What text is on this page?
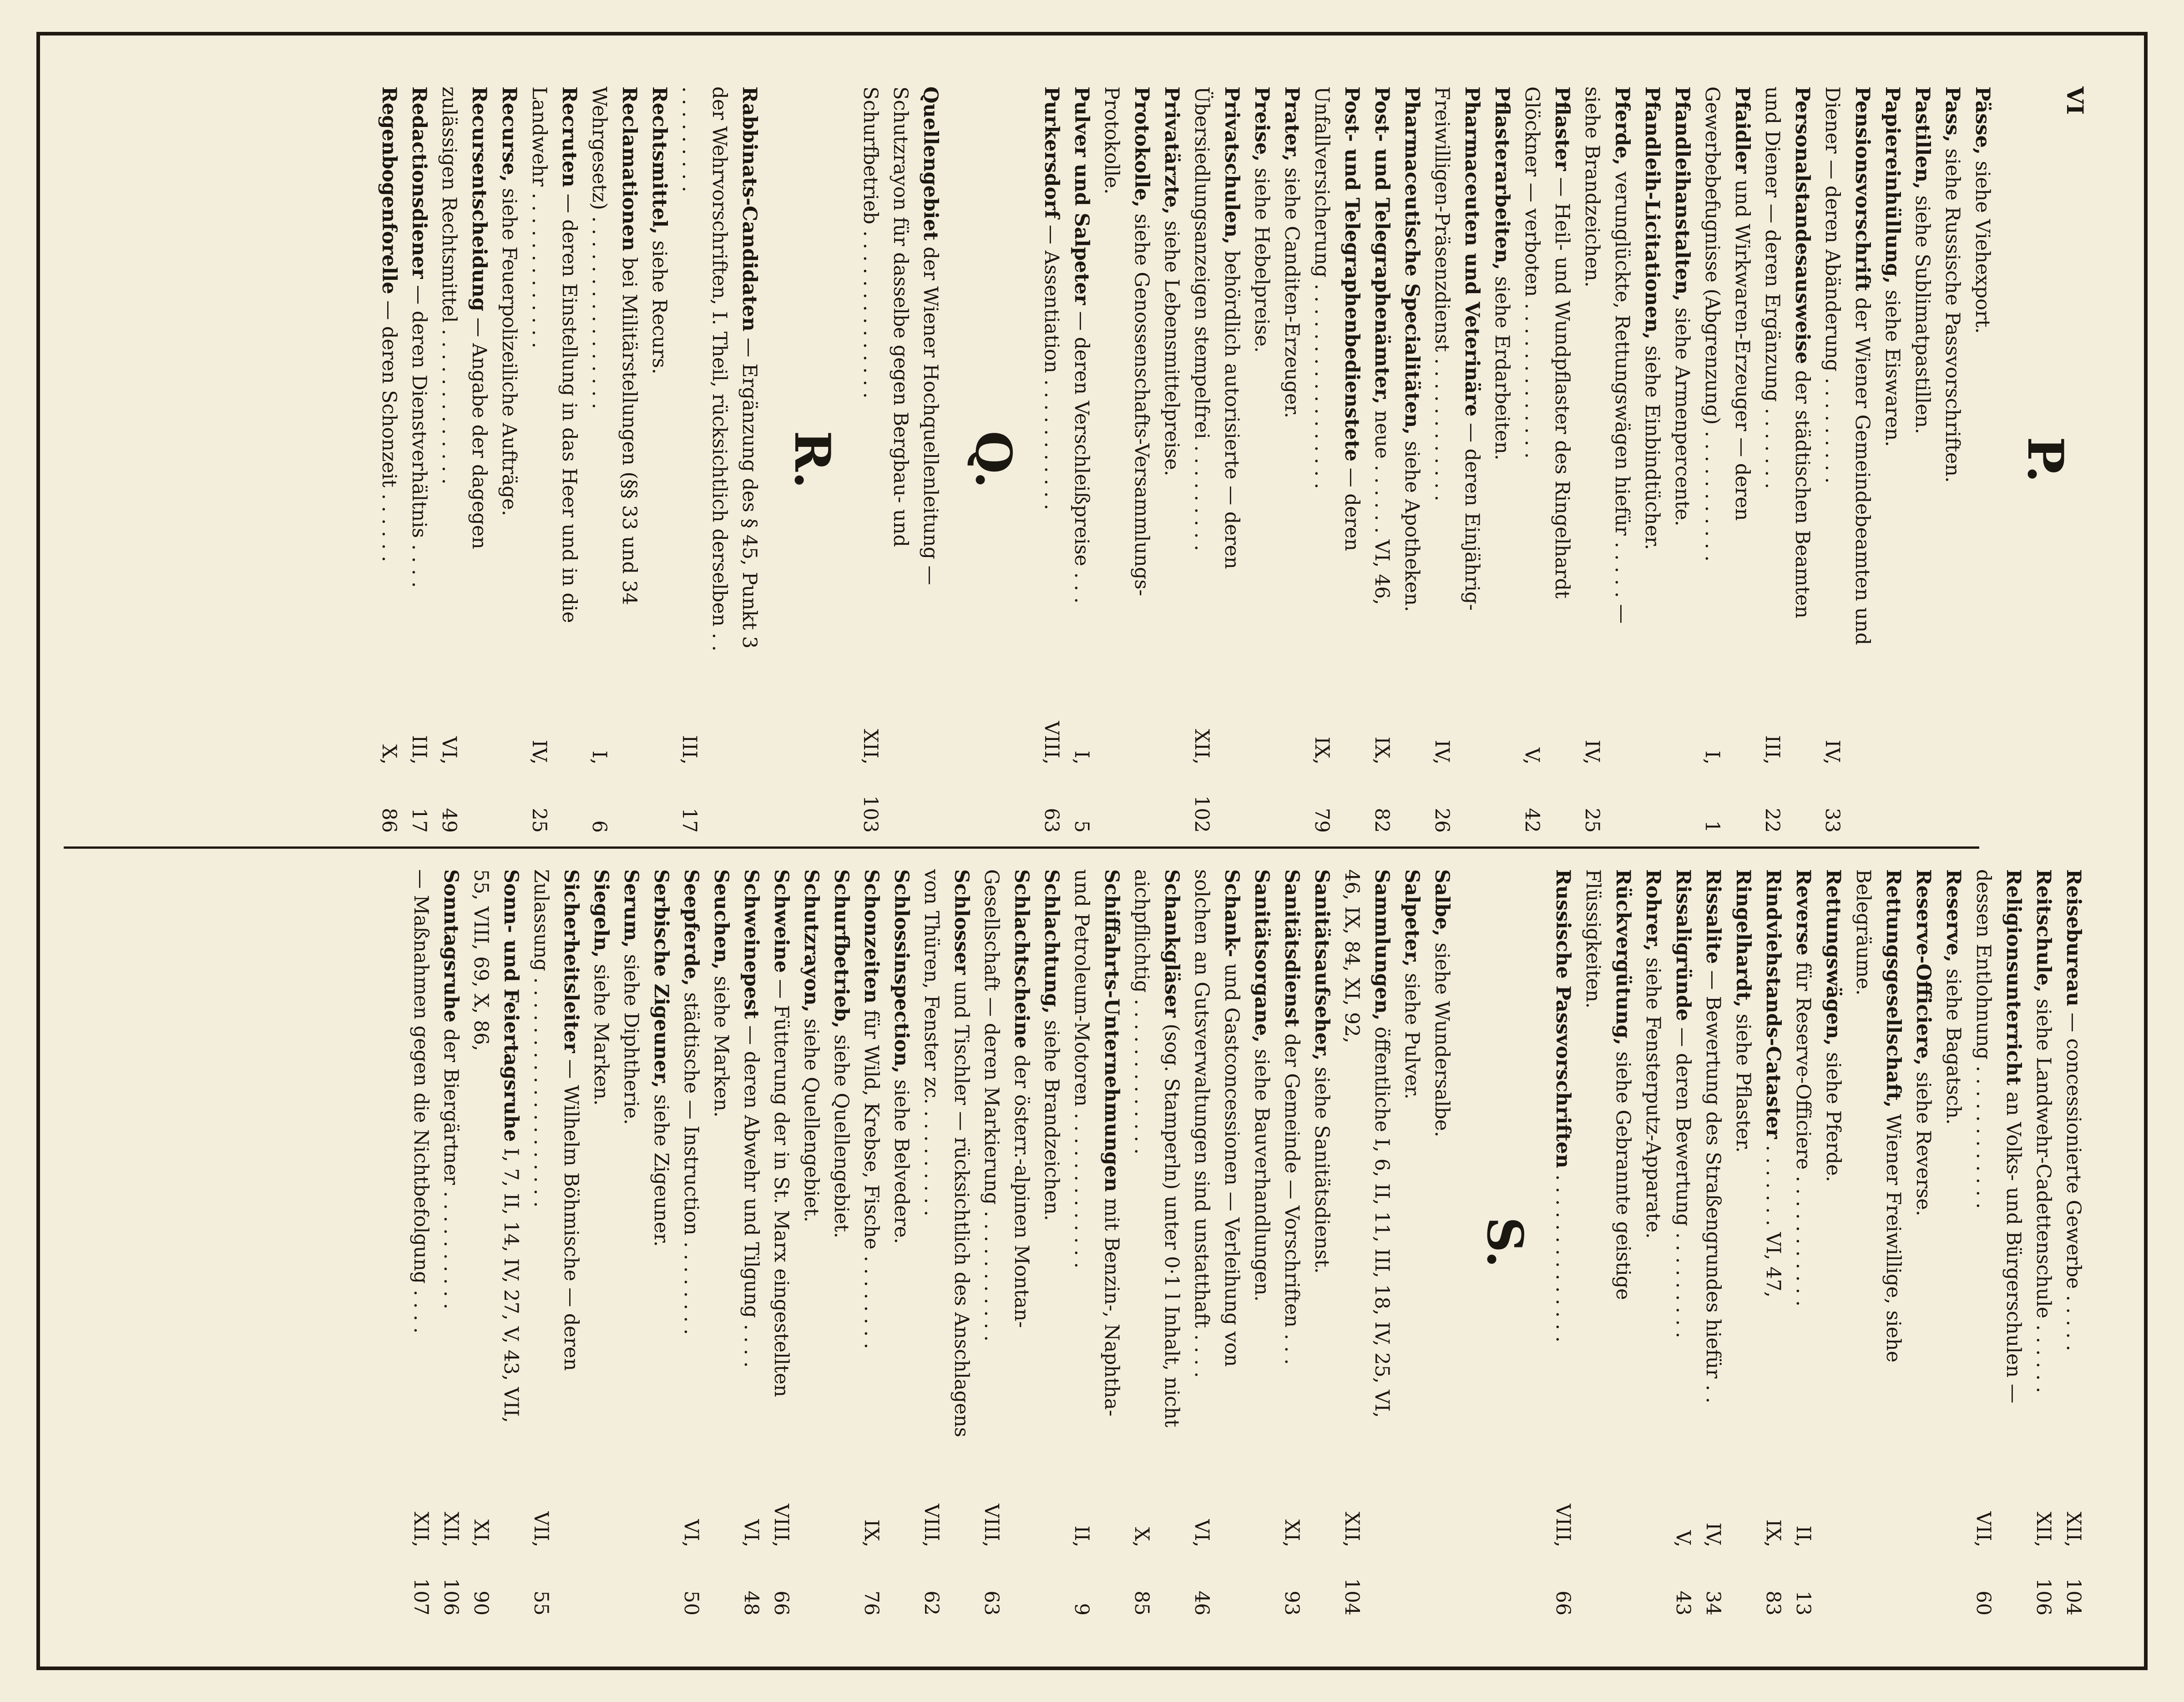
VI
P.
Pässe, siehe Viehexport.
Pass, siehe Russische Passvorschriften.
Pastillen, siehe Sublimatpastillen.
Papiereinhüllung, siehe Eiswaren.
Pensionsvorschrift der Wiener Gemeindebeamten und Diener — deren Abänderung . . . . . . . . .
IV,
33
Personalstandesausweise der städtischen Beamten und Diener — deren Ergänzung . . . . . . .
III,
22
Pfaidler und Wirkwaren-Erzeuger — deren Gewerbebefugnisse (Abgrenzung) . . . . . . . . . . .
I,
1
Pfandleihanstalten, siehe Armenpercente.
Pfandleih-Licitationen, siehe Einbindtücher.
Pferde, verunglückte, Rettungswägen hiefür . . . . . — siehe Brandzeichen.
IV,
25
Pflaster — Heil- und Wundpflaster des Ringelhardt Glöckner — verboten . . . . . . . . . . . . .
V,
42
Pflasterarbeiten, siehe Erdarbeiten.
Pharmaceuten und Veterinäre — deren Einjährig-Freiwilligen-Präsenzdienst . . . . . . . . . . . .
IV,
26
Pharmaceutische Specialitäten, siehe Apotheken.
Post- und Telegraphenämter, neue . . . . . . VI, 46,
IX,
82
Post- und Telegraphenbedienstete — deren Unfallversicherung . . . . . . . . . . . . . . . . .
IX,
79
Prater, siehe Canditen-Erzeuger.
Preise, siehe Hebelpreise.
Privatschulen, behördlich autorisierte — deren Übersiedlungsanzeigen stempelfrei . . . . . . . . .
XII,
102
Privatärzte, siehe Lebensmittelpreise.
Protokolle, siehe Genossenschafts-Versammlungs-Protokolle.
Pulver und Salpeter — deren Verschleißpreise . . .
I,
5
Purkersdorf — Assentiation . . . . . . . . . . .
VIII,
63
Q.
Quellengebiet der Wiener Hochquellenleitung — Schutzrayon für dasselbe gegen Bergbau- und Schurfbetrieb . . . . . . . . . . . . . .
XII,
103
R.
Rabbinats-Candidaten — Ergänzung des § 45, Punkt 3 der Wehrvorschriften, I. Theil, rücksichtlich derselben . . . . . . . . . . .
III,
17
Rechtsmittel, siehe Recurs.
Reclamationen bei Militärstellungen (§§ 33 und 34 Wehrgesetz) . . . . . . . . . . . . . . . .
I,
6
Recruten — deren Einstellung in das Heer und in die Landwehr . . . . . . . . . . . . .
IV,
25
Recurse, siehe Feuerpolizeiliche Aufträge.
Recursentscheidung — Angabe der dagegen zulässigen Rechtsmittel . . . . . . . . . . . . .
VI,
49
Redactionsdiener — deren Dienstverhältnis . . . .
III,
17
Regenbogenforelle — deren Schonzeit . . . . . .
X,
86
Reisebureau — concessionierte Gewerbe . . . . .
XII,
104
Reitschule, siehe Landwehr-Cadettenschule . . . . . .
XII,
106
Religionsunterricht an Volks- und Bürgerschulen — dessen Entlohnung . . . . . . . . . . . .
VII,
60
Reserve, siehe Bagatsch.
Reserve-Officiere, siehe Reverse.
Rettungsgesellschaft, Wiener Freiwillige, siehe Belegräume.
Rettungswägen, siehe Pferde.
Reverse für Reserve-Officiere . . . . . . . . . . .
II,
13
Rindviehstands-Cataster . . . . . . . VI, 47,
IX,
83
Ringelhardt, siehe Pflaster.
Rissalite — Bewertung des Straßengrundes hiefür . .
IV,
34
Rissaligründe — deren Bewertung . . . . . . . . .
V,
43
Rohrer, siehe Fensterputz-Apparate.
Rückvergütung, siehe Gebrannte geistige Flüssigkeiten.
Russische Passvorschriften . . . . . . . . . . . . . .
VIII,
66
S.
Salbe, siehe Wundersalbe.
Salpeter, siehe Pulver.
Sammlungen, öffentliche I, 6, II, 11, III, 18, IV, 25, VI, 46, IX, 84, XI, 92,
XII,
104
Sanitätsaufseher, siehe Sanitätsdienst.
Sanitätsdienst der Gemeinde — Vorschriften . . .
XI,
93
Sanitätsorgane, siehe Bauverhandlungen.
Schank- und Gastconcessionen — Verleihung von solchen an Gutsverwaltungen sind unstatthaft . . . .
VI,
46
Schankgläser (sog. Stamperln) unter 0·1 l Inhalt, nicht aichpflichtig . . . . . . . . . . . . .
X,
85
Schiffahrts-Unternehmungen mit Benzin-, Naphtha- und Petroleum-Motoren . . . . . . . . . . . . .
II,
9
Schlachtung, siehe Brandzeichen.
Schlachtscheine der österr.-alpinen Montan-Gesellschaft — deren Markierung . . . . . . . . . . .
VIII,
63
Schlosser und Tischler — rücksichtlich des Anschlagens von Thüren, Fenster zc. . . . . . . . . .
VIII,
62
Schlossinspection, siehe Belvedere.
Schonzeiten für Wild, Krebse, Fische . . . . . . . .
IX,
76
Schurfbetrieb, siehe Quellengebiet.
Schutzrayon, siehe Quellengebiet.
Schweine — Fütterung der in St. Marx eingestellten
VIII,
66
Schweinepest — deren Abwehr und Tilgung . . . .
VI,
48
Seuchen, siehe Marken.
Seepferde, städtische — Instruction . . . . . . . .
VI,
50
Serbische Zigeuner, siehe Zigeuner.
Serum, siehe Diphtherie.
Siegeln, siehe Marken.
Sicherheitsleiter — Wilhelm Böhmische — deren Zulassung . . . . . . . . . . . . . . . . . . .
VII,
55
Sonn- und Feiertagsruhe I, 7, II, 14, IV, 27, V, 43, VII, 55, VIII, 69, X, 86,
XI,
90
Sonntagsruhe der Biergärtner . . . . . . . . . .
XII,
106
— Maßnahmen gegen die Nichtbefolgung . . . .
XII,
107
